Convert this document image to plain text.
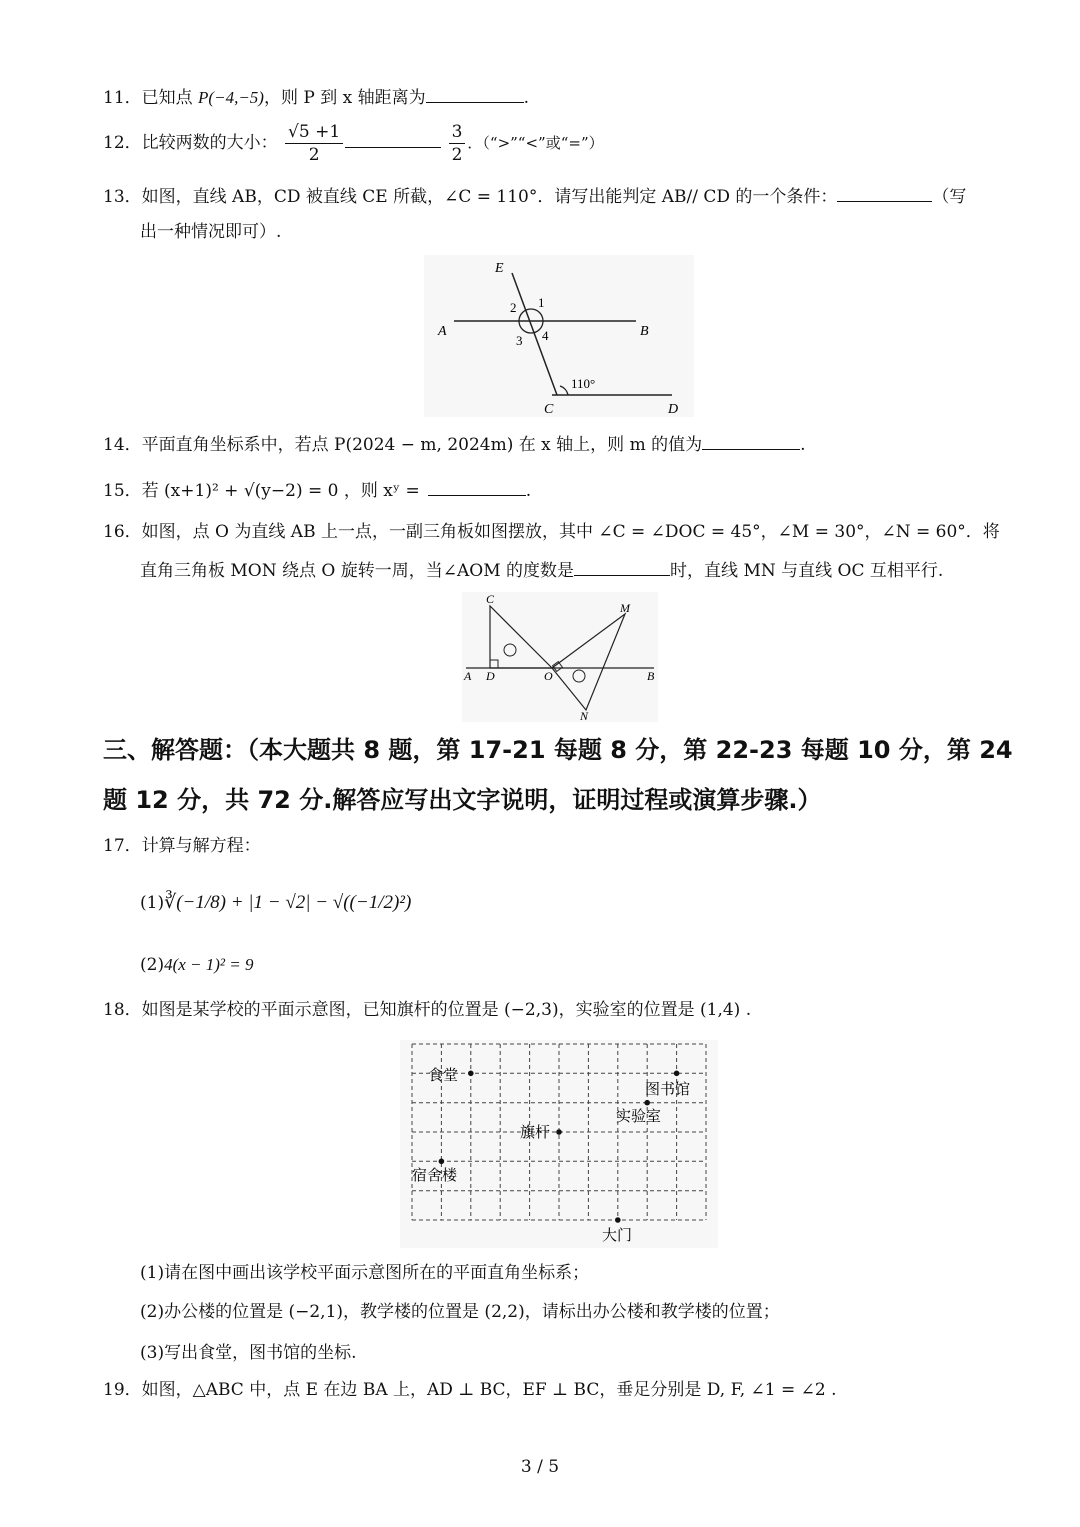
11．已知点 P(−4,−5)，则 P 到 x 轴距离为	.
12．比较两数的大小： $\frac{√5 +1}{2}$
	$\frac{3}{2}$ ．（“>”“<”或“=”）
13．如图，直线 AB，CD 被直线 CE 所截，∠C = 110°．请写出能判定 AB// CD 的一个条件：	（写
出一种情况即可）.
E
A	B
C	D
1
2
3 4
110°
14．平面直角坐标系中，若点 P(2024 − m, 2024m) 在 x 轴上，则 m 的值为	.
15．若 (x+1)² + √(y−2) = 0 ，则 xʸ =	.
16．如图，点 O 为直线 AB 上一点，一副三角板如图摆放，其中 ∠C = ∠DOC = 45°，∠M = 30°，∠N = 60°．将
直角三角板 MON 绕点 O 旋转一周，当∠AOM 的度数是	时，直线 MN 与直线 OC 互相平行.
C
M
A D	O	B
N
三、解答题：（本大题共 8 题，第 17-21 每题 8 分，第 22-23 每题 10 分，第 24
题 12 分，共 72 分.解答应写出文字说明，证明过程或演算步骤.）
17．计算与解方程：
(1)∛(−1/8) + |1 − √2| − √((−1/2)²)
(2)4(x − 1)² = 9
18．如图是某学校的平面示意图，已知旗杆的位置是 (−2,3)，实验室的位置是 (1,4) .
食堂
图书馆
实验室
旗杆
宿舍楼
大门
(1)请在图中画出该学校平面示意图所在的平面直角坐标系；
(2)办公楼的位置是 (−2,1)，教学楼的位置是 (2,2)，请标出办公楼和教学楼的位置；
(3)写出食堂，图书馆的坐标.
19．如图，△ABC 中，点 E 在边 BA 上，AD ⊥ BC，EF ⊥ BC，垂足分别是 D, F, ∠1 = ∠2 .
3 / 5
